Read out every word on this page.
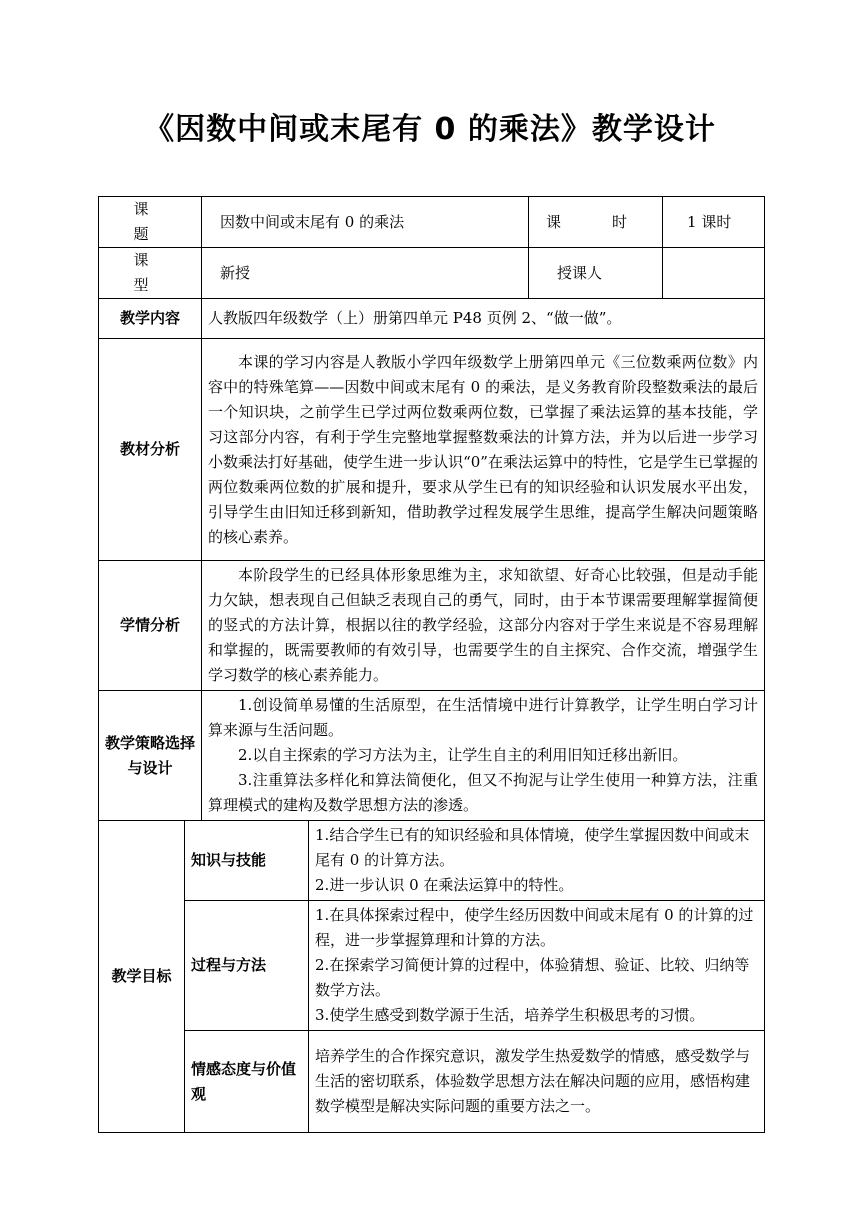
《因数中间或末尾有 0 的乘法》教学设计
课　题		因数中间或末尾有 0 的乘法		课　时	1 课时
课　型		新授		授课人	
教学内容		人教版四年级数学（上）册第四单元 P48 页例 2、“做一做”。			
教材分析		本课的学习内容是人教版小学四年级数学上册第四单元《三位数乘两位数》内容中的特殊笔算——因数中间或末尾有 0 的乘法，是义务教育阶段整数乘法的最后一个知识块，之前学生已学过两位数乘两位数，已掌握了乘法运算的基本技能，学习这部分内容，有利于学生完整地掌握整数乘法的计算方法，并为以后进一步学习小数乘法打好基础，使学生进一步认识“0”在乘法运算中的特性，它是学生已掌握的两位数乘两位数的扩展和提升，要求从学生已有的知识经验和认识发展水平出发，引导学生由旧知迁移到新知，借助教学过程发展学生思维，提高学生解决问题策略的核心素养。			
学情分析		本阶段学生的已经具体形象思维为主，求知欲望、好奇心比较强，但是动手能力欠缺，想表现自己但缺乏表现自己的勇气，同时，由于本节课需要理解掌握简便的竖式的方法计算，根据以往的教学经验，这部分内容对于学生来说是不容易理解和掌握的，既需要教师的有效引导，也需要学生的自主探究、合作交流，增强学生学习数学的核心素养能力。			
教学策略选择与设计		1.创设简单易懂的生活原型，在生活情境中进行计算教学，让学生明白学习计算来源与生活问题。

2.以自主探索的学习方法为主，让学生自主的利用旧知迁移出新旧。

3.注重算法多样化和算法简便化，但又不拘泥与让学生使用一种算方法，注重算理模式的建构及数学思想方法的渗透。			

教学目标	知识与技能		1.结合学生已有的知识经验和具体情境，使学生掌握因数中间或末尾有 0 的计算方法。

2.进一步认识 0 在乘法运算中的特性。		

	过程与方法		1.在具体探索过程中，使学生经历因数中间或末尾有 0 的计算的过程，进一步掌握算理和计算的方法。

2.在探索学习简便计算的过程中，体验猜想、验证、比较、归纳等数学方法。

3.使学生感受到数学源于生活，培养学生积极思考的习惯。		

	情感态度与价值观		培养学生的合作探究意识，激发学生热爱数学的情感，感受数学与生活的密切联系，体验数学思想方法在解决问题的应用，感悟构建数学模型是解决实际问题的重要方法之一。		
